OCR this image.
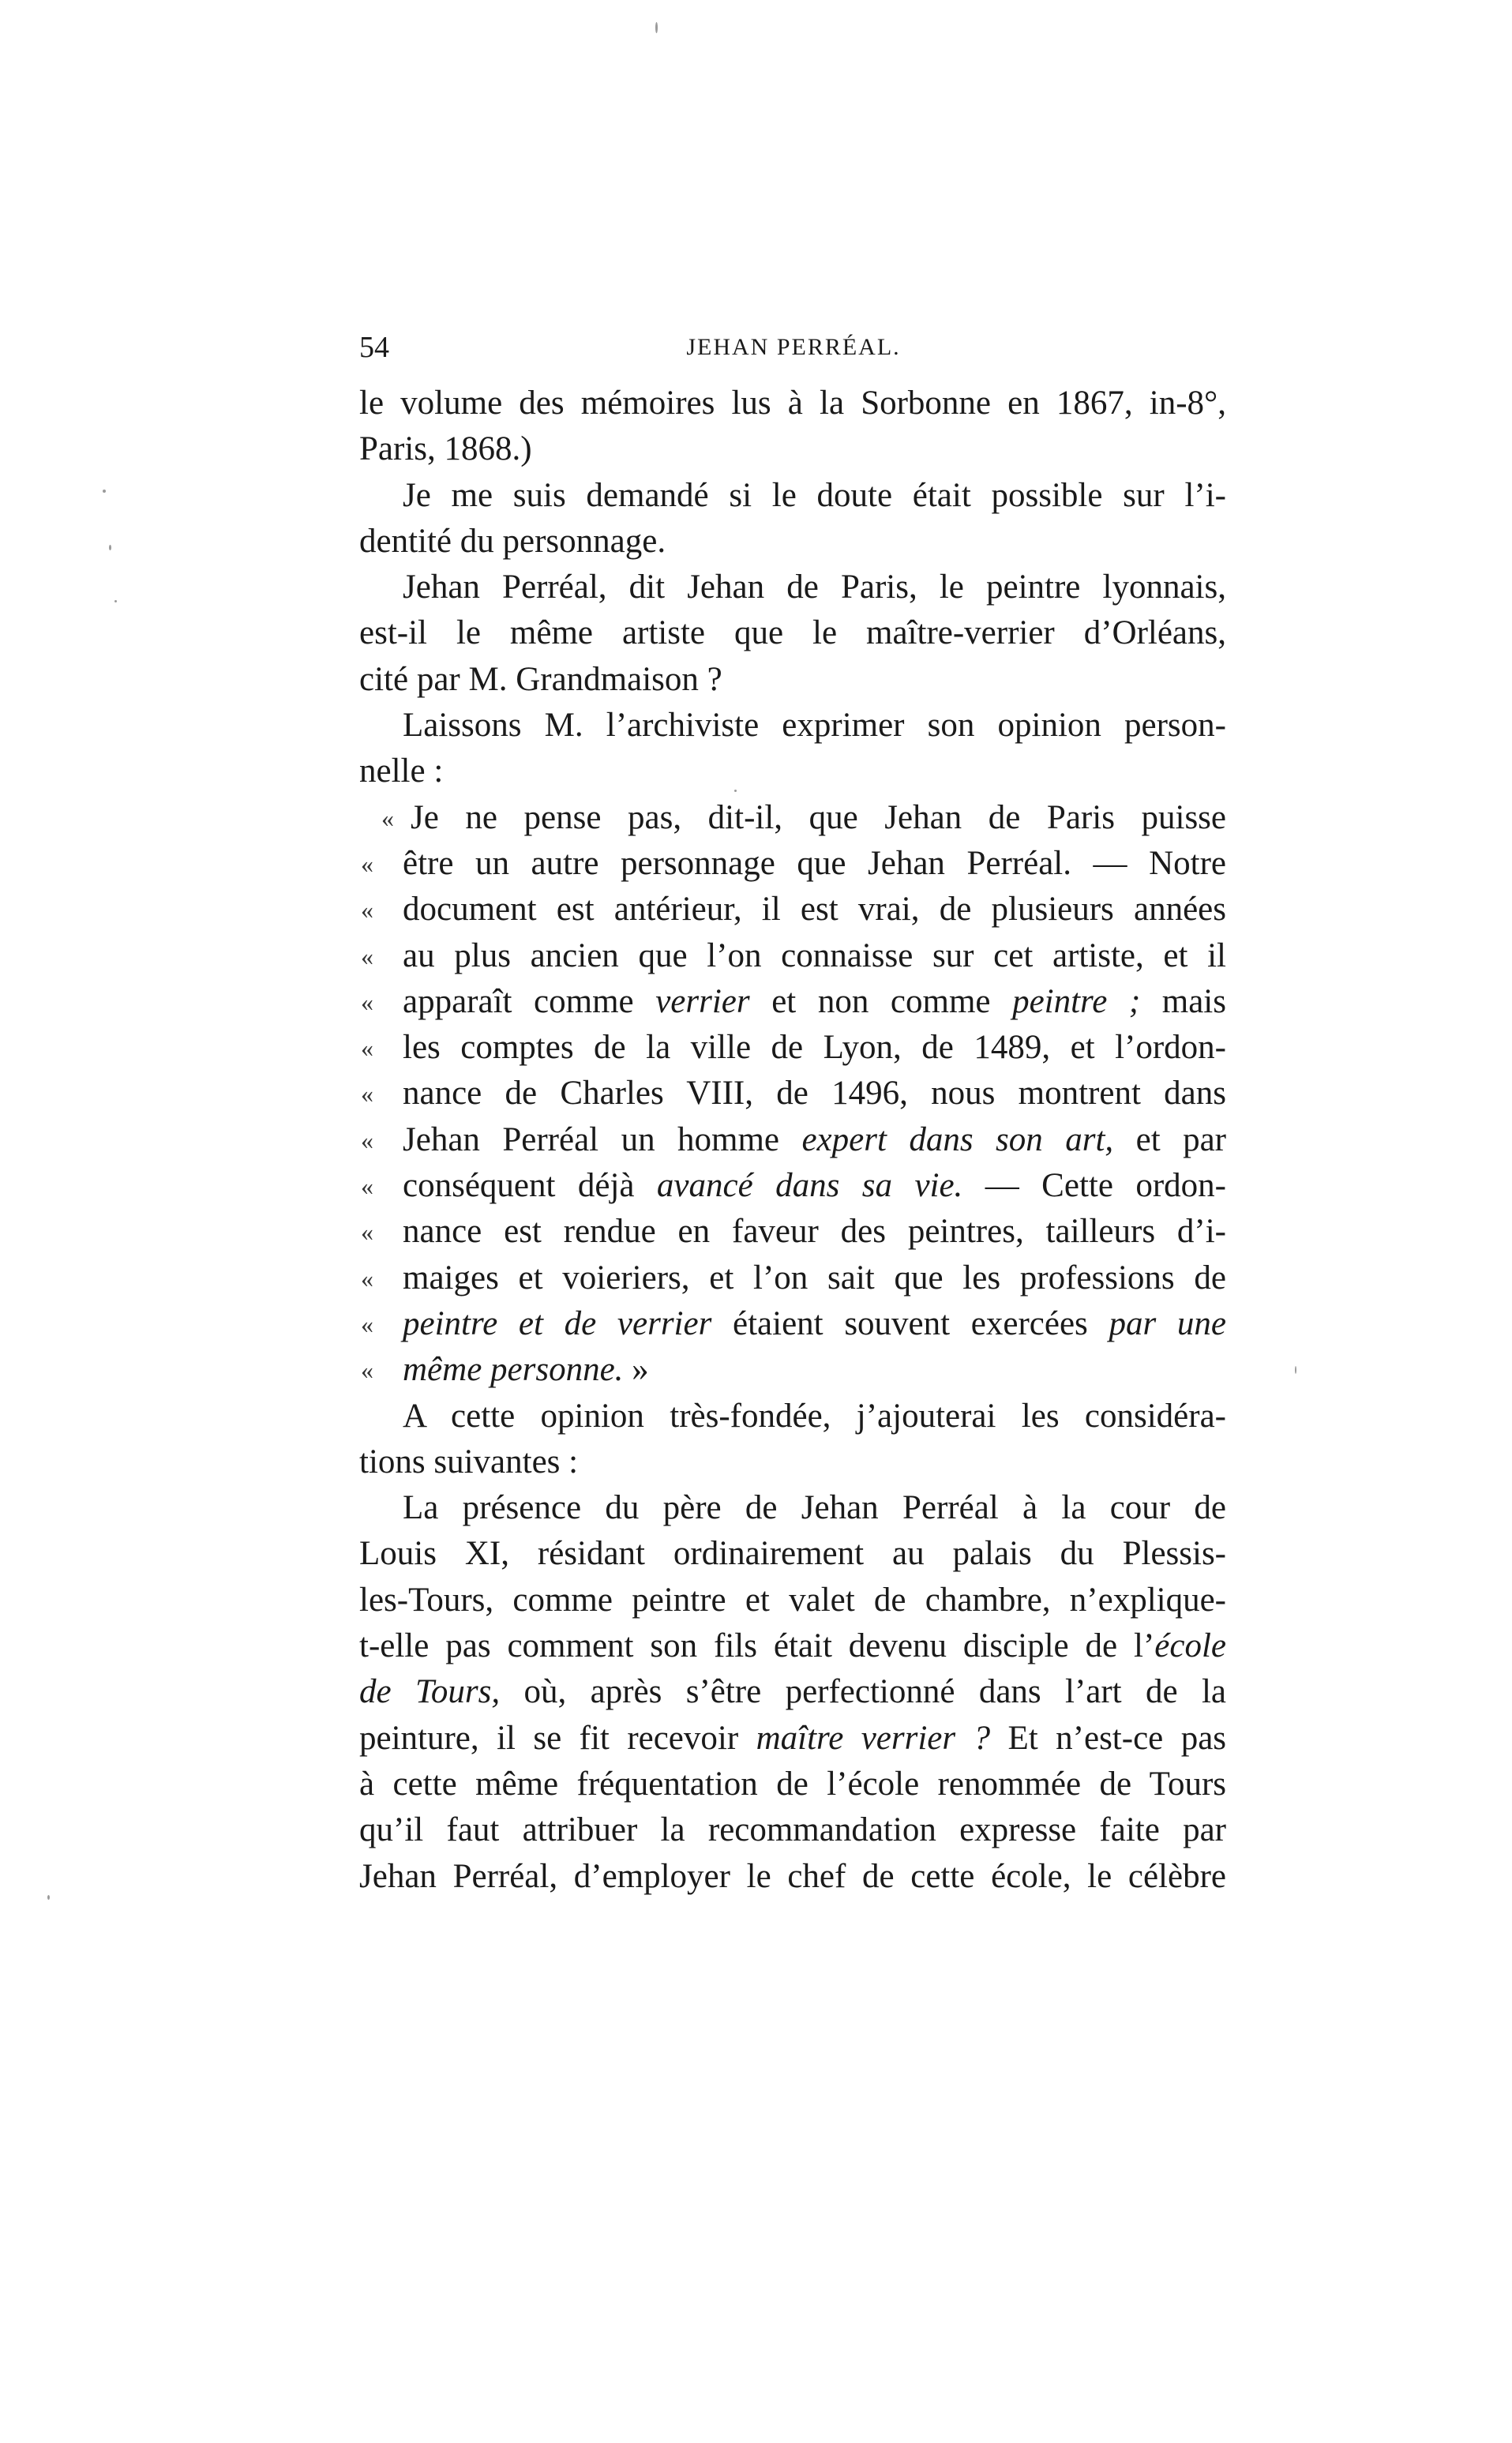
54	JEHAN PERRÉAL.
le volume des mémoires lus à la Sorbonne en 1867, in-8°,
Paris, 1868.)
Je me suis demandé si le doute était possible sur l’i-
dentité du personnage.
Jehan Perréal, dit Jehan de Paris, le peintre lyonnais,
est-il le même artiste que le maître-verrier d’Orléans,
cité par M. Grandmaison ?
Laissons M. l’archiviste exprimer son opinion person-
nelle :
« Je ne pense pas, dit-il, que Jehan de Paris puisse
« être un autre personnage que Jehan Perréal. — Notre
« document est antérieur, il est vrai, de plusieurs années
« au plus ancien que l’on connaisse sur cet artiste, et il
« apparaît comme verrier et non comme peintre ; mais
« les comptes de la ville de Lyon, de 1489, et l’ordon-
« nance de Charles VIII, de 1496, nous montrent dans
« Jehan Perréal un homme expert dans son art, et par
« conséquent déjà avancé dans sa vie. — Cette ordon-
« nance est rendue en faveur des peintres, tailleurs d’i-
« maiges et voieriers, et l’on sait que les professions de
« peintre et de verrier étaient souvent exercées par une
« même personne. »
A cette opinion très-fondée, j’ajouterai les considéra-
tions suivantes :
La présence du père de Jehan Perréal à la cour de
Louis XI, résidant ordinairement au palais du Plessis-
les-Tours, comme peintre et valet de chambre, n’explique-
t-elle pas comment son fils était devenu disciple de l’école
de Tours, où, après s’être perfectionné dans l’art de la
peinture, il se fit recevoir maître verrier ? Et n’est-ce pas
à cette même fréquentation de l’école renommée de Tours
qu’il faut attribuer la recommandation expresse faite par
Jehan Perréal, d’employer le chef de cette école, le célèbre
